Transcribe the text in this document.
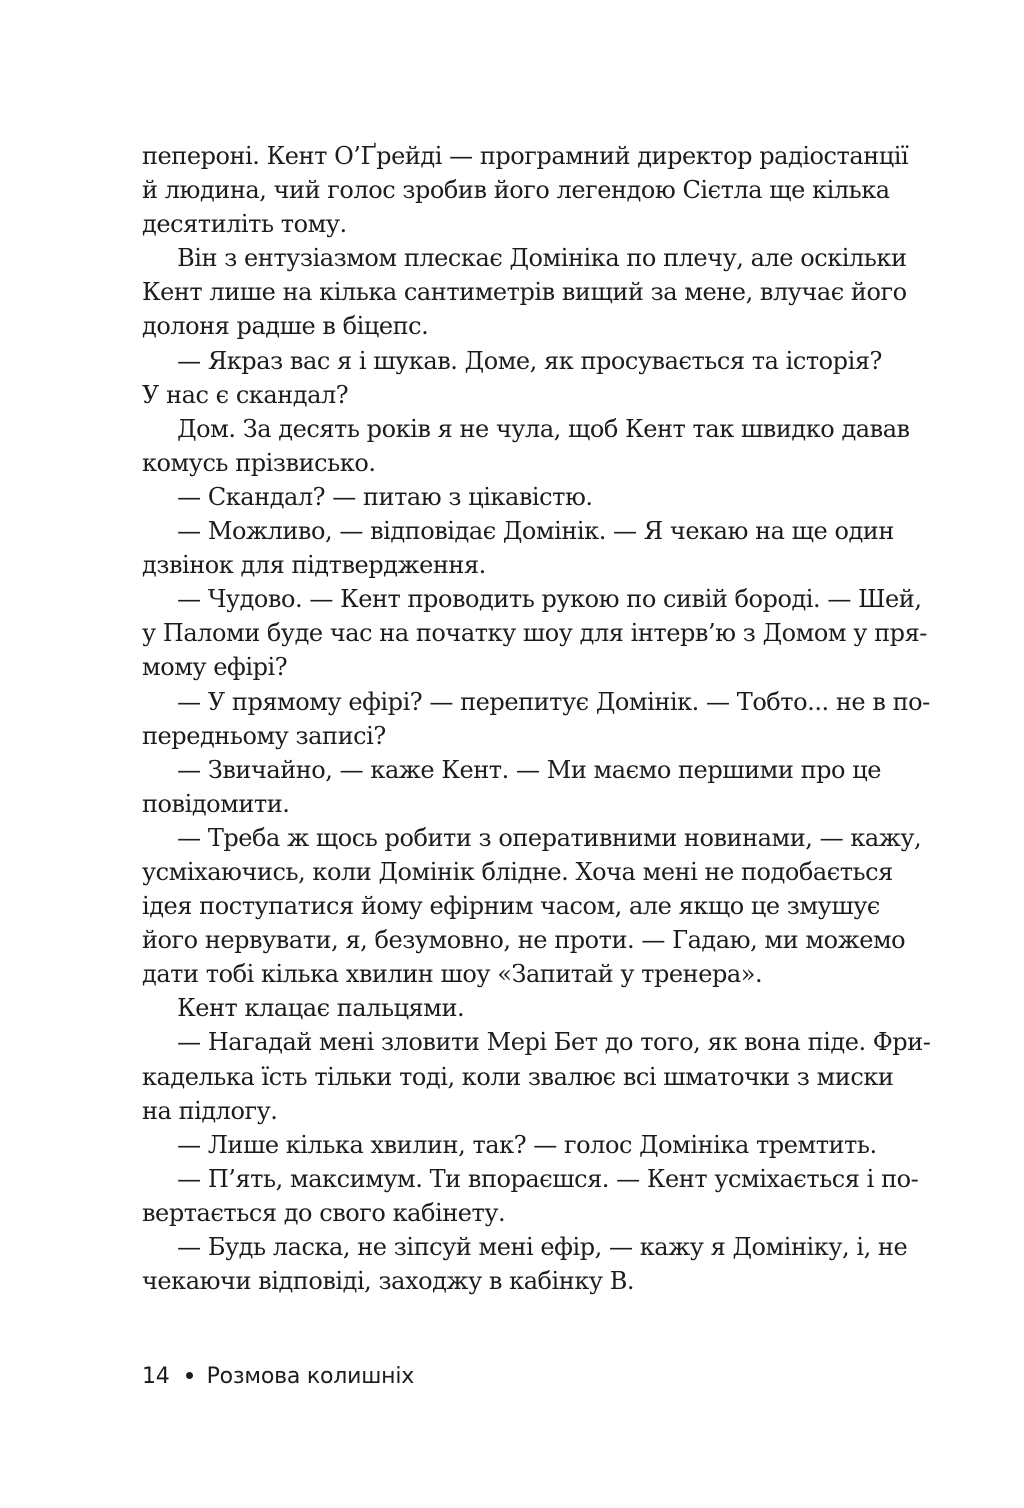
пепероні. Кент О’Ґрейді — програмний директор радіостанції
й людина, чий голос зробив його легендою Сієтла ще кілька
десятиліть тому.
  Він з ентузіазмом плескає Домініка по плечу, але оскільки
Кент лише на кілька сантиметрів вищий за мене, влучає його
долоня радше в біцепс.
  — Якраз вас я і шукав. Доме, як просувається та історія?
У нас є скандал?
  Дом. За десять років я не чула, щоб Кент так швидко давав
комусь прізвисько.
  — Скандал? — питаю з цікавістю.
  — Можливо, — відповідає Домінік. — Я чекаю на ще один
дзвінок для підтвердження.
  — Чудово. — Кент проводить рукою по сивій бороді. — Шей,
у Паломи буде час на початку шоу для інтерв’ю з Домом у пря-
мому ефірі?
  — У прямому ефірі? — перепитує Домінік. — Тобто... не в по-
передньому записі?
  — Звичайно, — каже Кент. — Ми маємо першими про це
повідомити.
  — Треба ж щось робити з оперативними новинами, — кажу,
усміхаючись, коли Домінік блідне. Хоча мені не подобається
ідея поступатися йому ефірним часом, але якщо це змушує
його нервувати, я, безумовно, не проти. — Гадаю, ми можемо
дати тобі кілька хвилин шоу «Запитай у тренера».
  Кент клацає пальцями.
  — Нагадай мені зловити Мері Бет до того, як вона піде. Фри-
каделька їсть тільки тоді, коли звалює всі шматочки з миски
на підлогу.
  — Лише кілька хвилин, так? — голос Домініка тремтить.
  — П’ять, максимум. Ти впораєшся. — Кент усміхається і по-
вертається до свого кабінету.
  — Будь ласка, не зіпсуй мені ефір, — кажу я Домініку, і, не
чекаючи відповіді, заходжу в кабінку В.
14 Розмова колишніх
